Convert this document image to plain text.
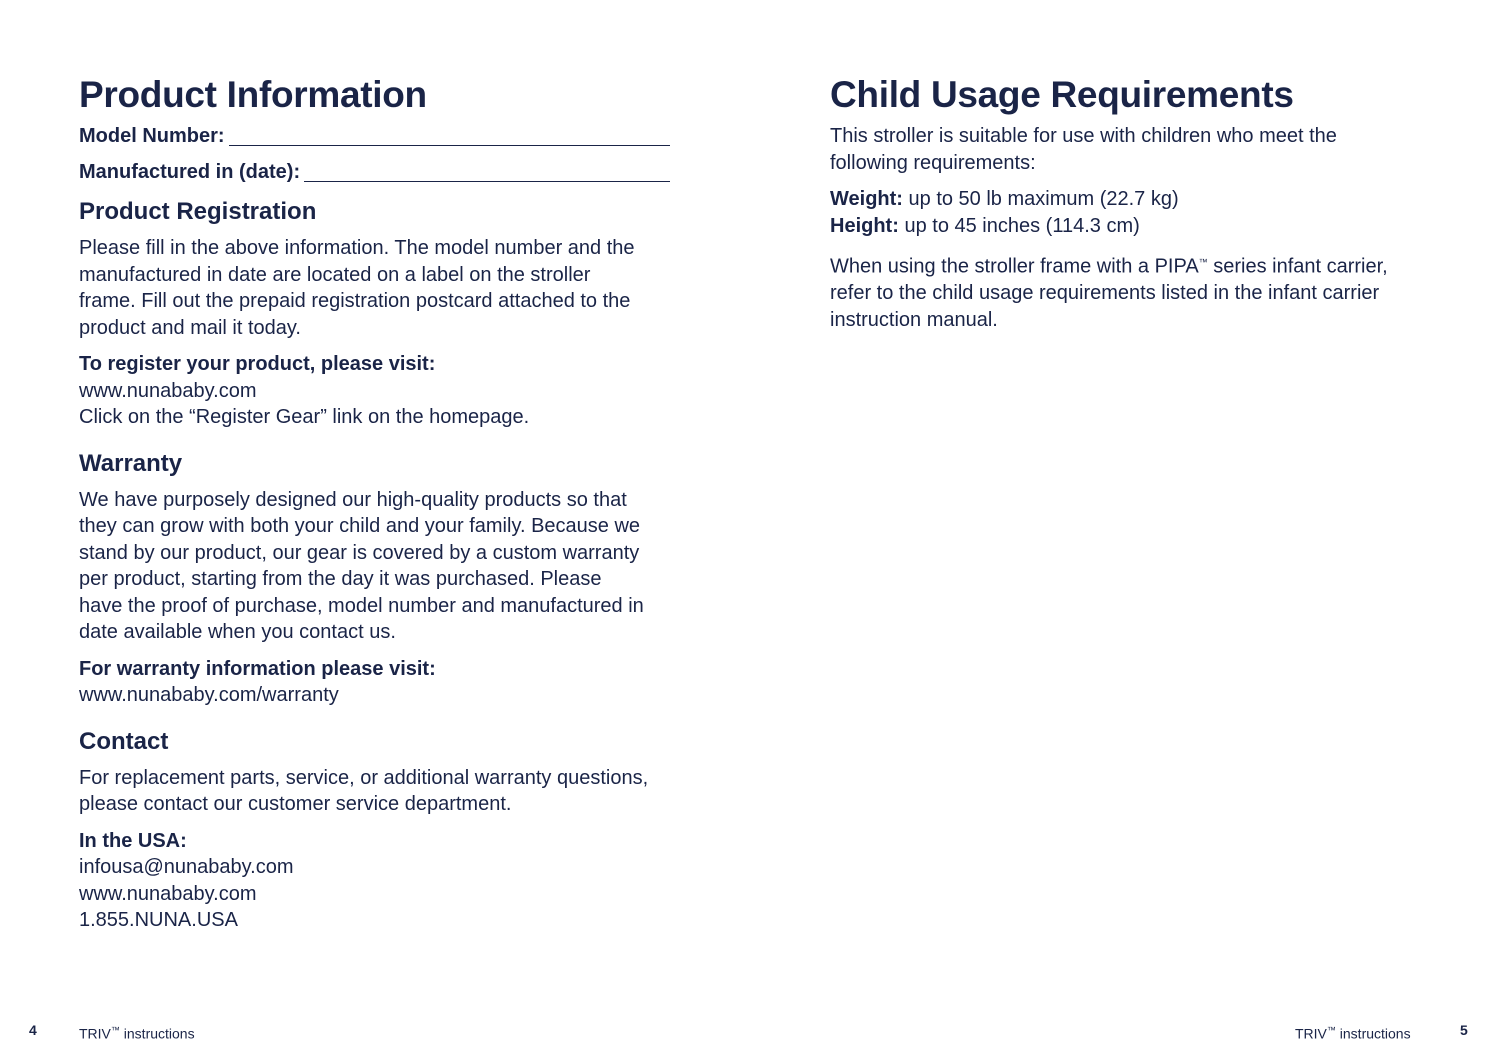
Product Information
Model Number:
Manufactured in (date):
Product Registration

Please fill in the above information. The model number and the manufactured in date are located on a label on the stroller frame. Fill out the prepaid registration postcard attached to the product and mail it today.

To register your product, please visit:
www.nunababy.com
Click on the “Register Gear” link on the homepage.
Warranty

We have purposely designed our high-quality products so that they can grow with both your child and your family. Because we stand by our product, our gear is covered by a custom warranty per product, starting from the day it was purchased. Please have the proof of purchase, model number and manufactured in date available when you contact us.

For warranty information please visit:
www.nunababy.com/warranty
Contact

For replacement parts, service, or additional warranty questions, please contact our customer service department.

In the USA:
infousa@nunababy.com
www.nunababy.com
1.855.NUNA.USA
Child Usage Requirements

This stroller is suitable for use with children who meet the following requirements:

Weight: up to 50 lb maximum (22.7 kg)
Height: up to 45 inches (114.3 cm)

When using the stroller frame with a PIPA™ series infant carrier, refer to the child usage requirements listed in the infant carrier instruction manual.

4	TRIV™ instructions	TRIV™ instructions	5
